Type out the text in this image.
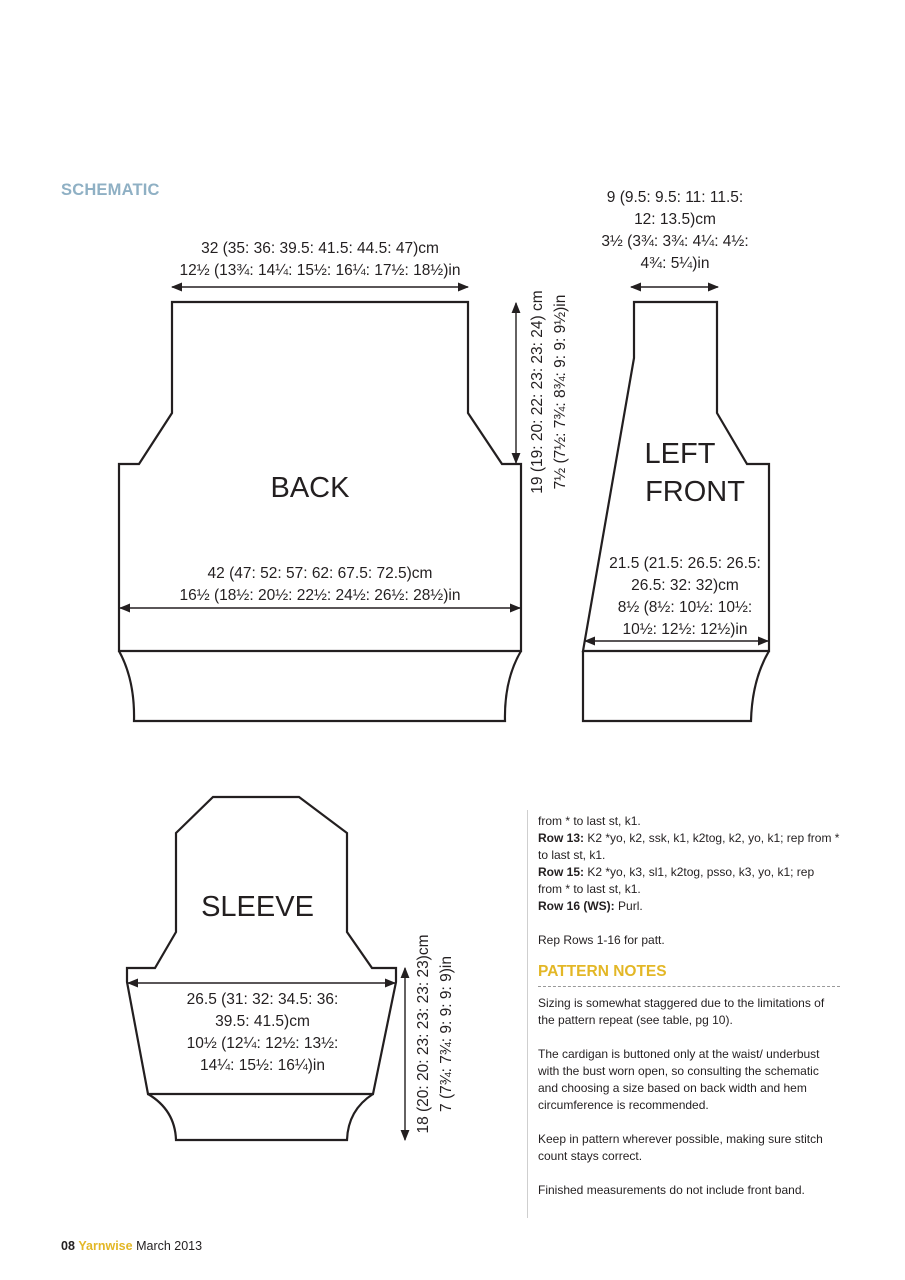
SCHEMATIC
32 (35: 36: 39.5: 41.5: 44.5: 47)cm
12½ (13¾: 14¼: 15½: 16¼: 17½: 18½)in
BACK
42 (47: 52: 57: 62: 67.5: 72.5)cm
16½ (18½: 20½: 22½: 24½: 26½: 28½)in
19 (19: 20: 22: 23: 23: 24) cm 7½ (7½: 7¾: 8¾: 9: 9: 9½)in
9 (9.5: 9.5: 11: 11.5:
12: 13.5)cm
3½ (3¾: 3¾: 4¼: 4½:
4¾: 5¼)in
LEFT
FRONT
21.5 (21.5: 26.5: 26.5:
26.5: 32: 32)cm
8½ (8½: 10½: 10½:
10½: 12½: 12½)in
SLEEVE
26.5 (31: 32: 34.5: 36:
39.5: 41.5)cm
10½ (12¼: 12½: 13½:
14¼: 15½: 16¼)in	18 (20: 20: 23: 23: 23: 23)cm 7 (7¾: 7¾: 9: 9: 9: 9)in

from * to last st, k1.

Row 13: K2 *yo, k2, ssk, k1, k2tog, k2, yo, k1; rep from * to last st, k1.

Row 15: K2 *yo, k3, sl1, k2tog, psso, k3, yo, k1; rep from * to last st, k1.

Row 16 (WS): Purl.

Rep Rows 1-16 for patt.

PATTERN NOTES

Sizing is somewhat staggered due to the limitations of the pattern repeat (see table, pg 10).

The cardigan is buttoned only at the waist/ underbust with the bust worn open, so consulting the schematic and choosing a size based on back width and hem circumference is recommended.

Keep in pattern wherever possible, making sure stitch count stays correct.

Finished measurements do not include front band.

08 Yarnwise March 2013
